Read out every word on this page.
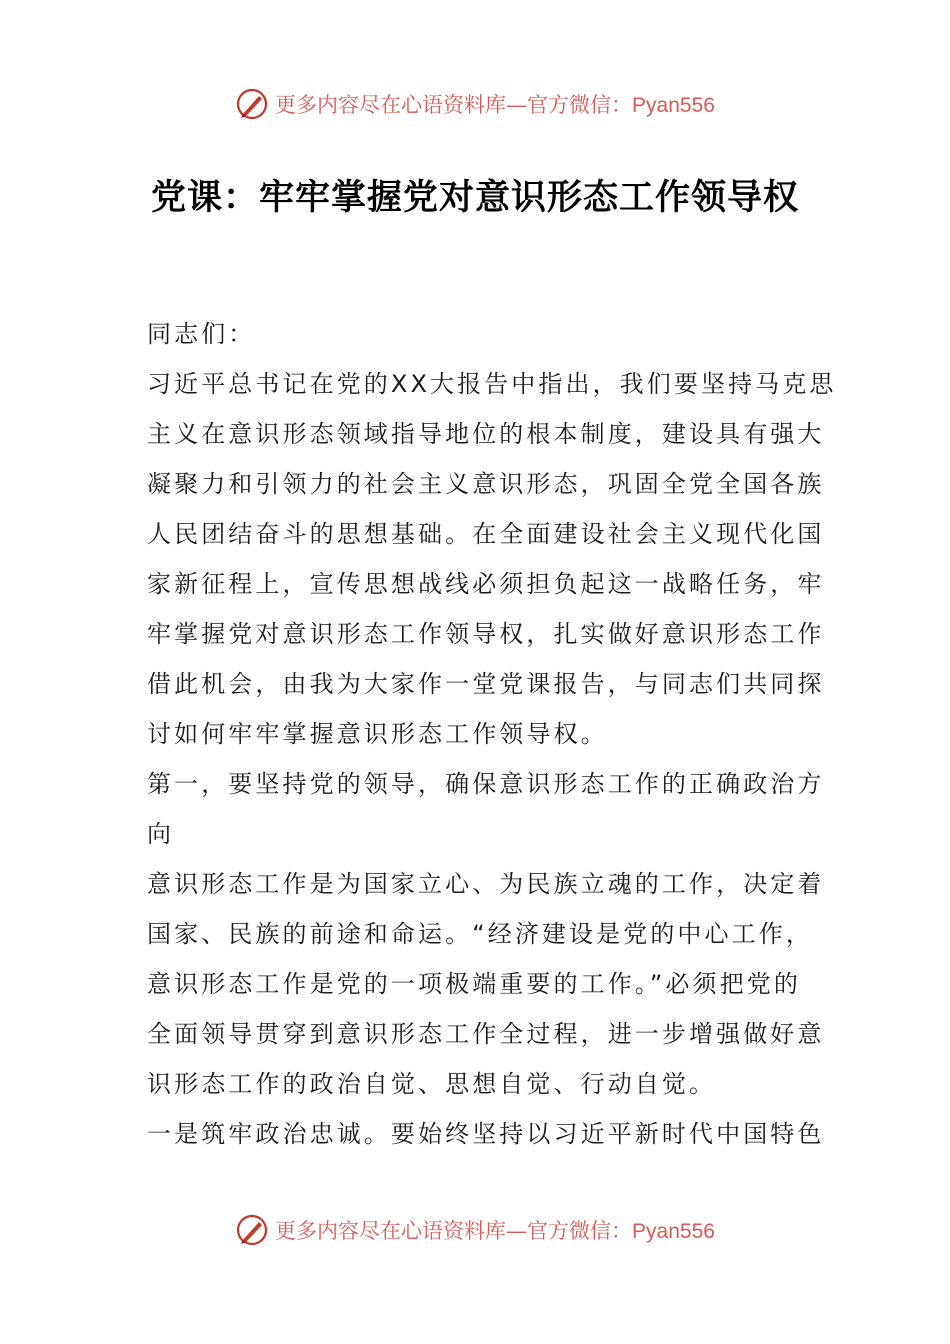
更多内容尽在心语资料库—官方微信：Pyan556
党课：牢牢掌握党对意识形态工作领导权
同志们：
习近平总书记在党的XX大报告中指出，我们要坚持马克思
主义在意识形态领域指导地位的根本制度，建设具有强大
凝聚力和引领力的社会主义意识形态，巩固全党全国各族
人民团结奋斗的思想基础。在全面建设社会主义现代化国
家新征程上，宣传思想战线必须担负起这一战略任务，牢
牢掌握党对意识形态工作领导权，扎实做好意识形态工作
借此机会，由我为大家作一堂党课报告，与同志们共同探
讨如何牢牢掌握意识形态工作领导权。
第一，要坚持党的领导，确保意识形态工作的正确政治方
向
意识形态工作是为国家立心、为民族立魂的工作，决定着
国家、民族的前途和命运。“经济建设是党的中心工作，
意识形态工作是党的一项极端重要的工作。”必须把党的
全面领导贯穿到意识形态工作全过程，进一步增强做好意
识形态工作的政治自觉、思想自觉、行动自觉。
一是筑牢政治忠诚。要始终坚持以习近平新时代中国特色
更多内容尽在心语资料库—官方微信：Pyan556
